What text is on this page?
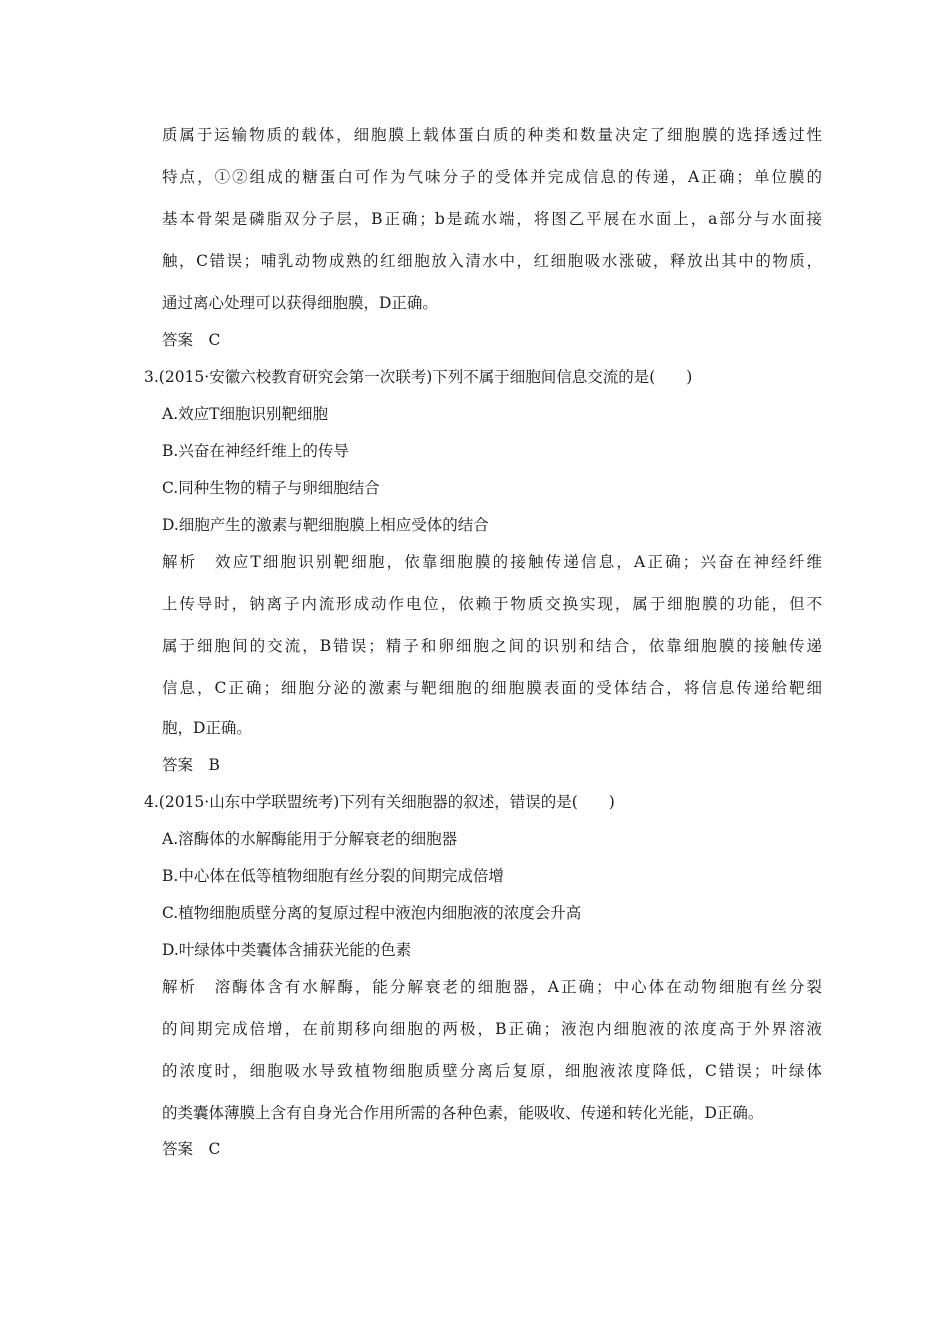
质属于运输物质的载体，细胞膜上载体蛋白质的种类和数量决定了细胞膜的选择透过性
特点，①②组成的糖蛋白可作为气味分子的受体并完成信息的传递，A正确；单位膜的
基本骨架是磷脂双分子层，B正确；b是疏水端，将图乙平展在水面上，a部分与水面接
触，C错误；哺乳动物成熟的红细胞放入清水中，红细胞吸水涨破，释放出其中的物质，
通过离心处理可以获得细胞膜，D正确。
答案　C
3.(2015·安徽六校教育研究会第一次联考)下列不属于细胞间信息交流的是(　　)
A.效应T细胞识别靶细胞
B.兴奋在神经纤维上的传导
C.同种生物的精子与卵细胞结合
D.细胞产生的激素与靶细胞膜上相应受体的结合
解析　效应T细胞识别靶细胞，依靠细胞膜的接触传递信息，A正确；兴奋在神经纤维
上传导时，钠离子内流形成动作电位，依赖于物质交换实现，属于细胞膜的功能，但不
属于细胞间的交流，B错误；精子和卵细胞之间的识别和结合，依靠细胞膜的接触传递
信息，C正确；细胞分泌的激素与靶细胞的细胞膜表面的受体结合，将信息传递给靶细
胞，D正确。
答案　B
4.(2015·山东中学联盟统考)下列有关细胞器的叙述，错误的是(　　)
A.溶酶体的水解酶能用于分解衰老的细胞器
B.中心体在低等植物细胞有丝分裂的间期完成倍增
C.植物细胞质壁分离的复原过程中液泡内细胞液的浓度会升高
D.叶绿体中类囊体含捕获光能的色素
解析　溶酶体含有水解酶，能分解衰老的细胞器，A正确；中心体在动物细胞有丝分裂
的间期完成倍增，在前期移向细胞的两极，B正确；液泡内细胞液的浓度高于外界溶液
的浓度时，细胞吸水导致植物细胞质壁分离后复原，细胞液浓度降低，C错误；叶绿体
的类囊体薄膜上含有自身光合作用所需的各种色素，能吸收、传递和转化光能，D正确。
答案　C
